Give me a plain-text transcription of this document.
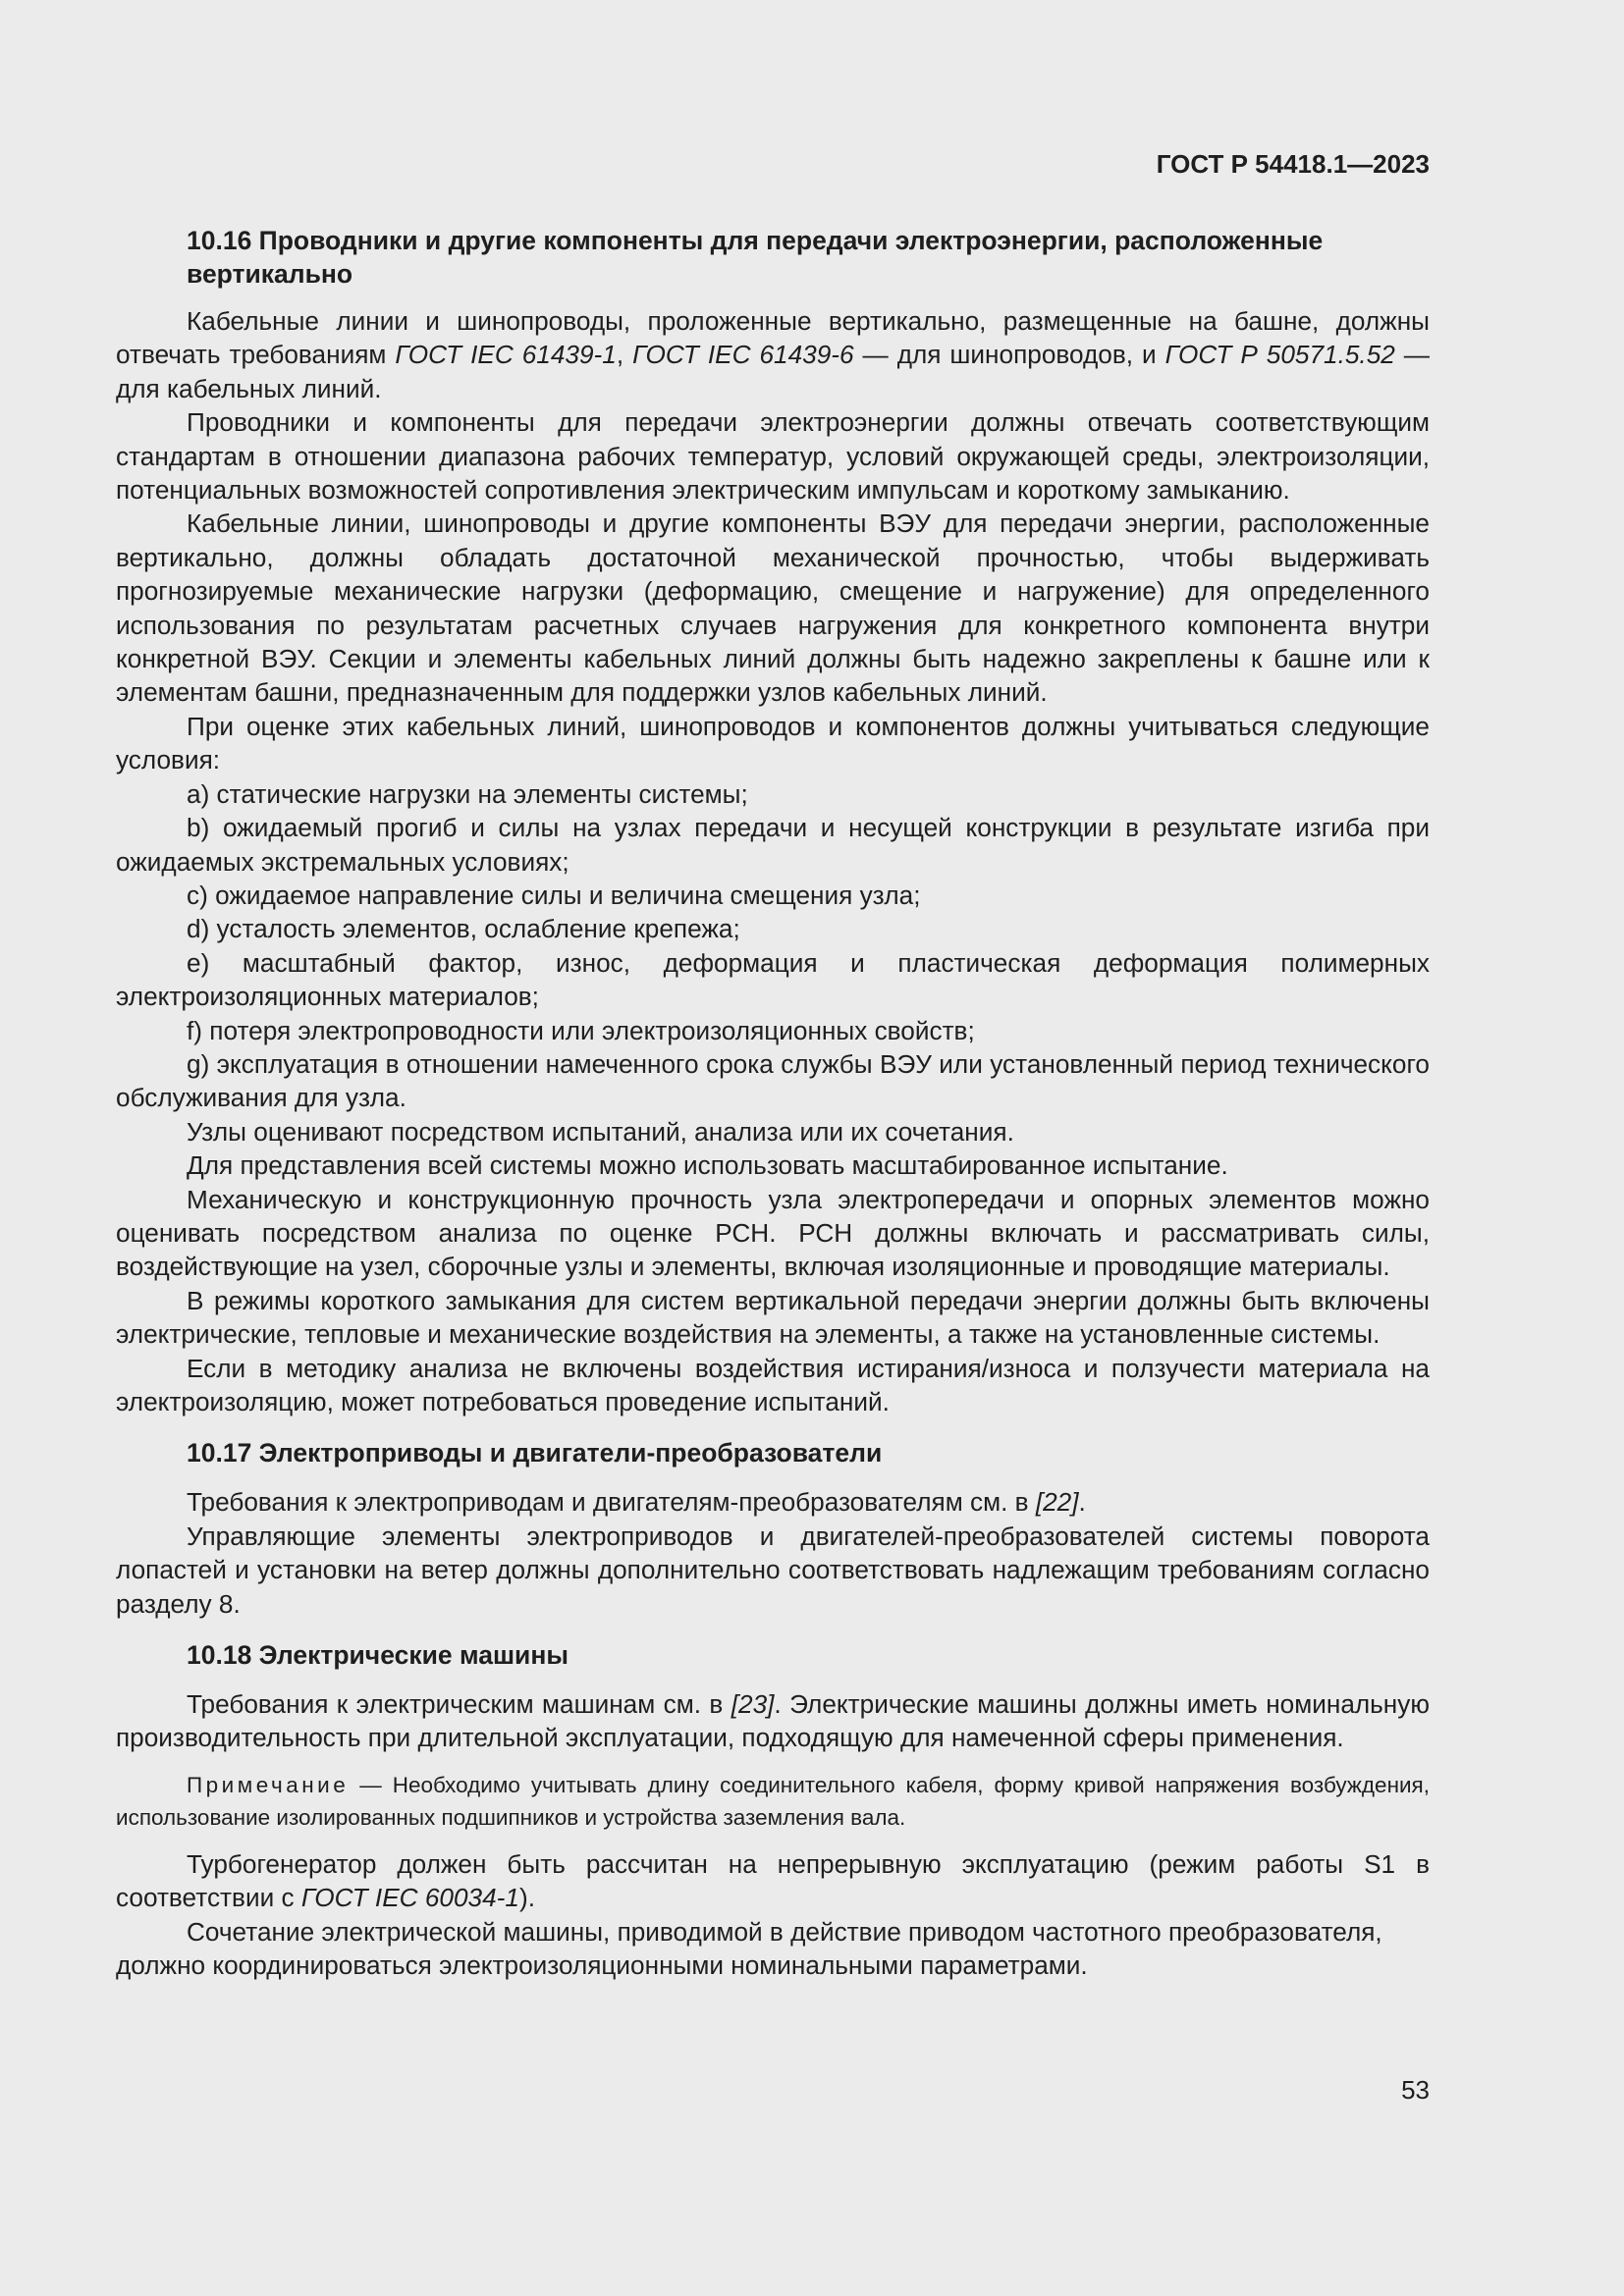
ГОСТ Р 54418.1—2023
10.16 Проводники и другие компоненты для передачи электроэнергии, расположенные вертикально

Кабельные линии и шинопроводы, проложенные вертикально, размещенные на башне, должны отвечать требованиям ГОСТ IEC 61439-1, ГОСТ IEC 61439-6 — для шинопроводов, и ГОСТ Р 50571.5.52 — для кабельных линий.

Проводники и компоненты для передачи электроэнергии должны отвечать соответствующим стандартам в отношении диапазона рабочих температур, условий окружающей среды, электроизоляции, потенциальных возможностей сопротивления электрическим импульсам и короткому замыканию.

Кабельные линии, шинопроводы и другие компоненты ВЭУ для передачи энергии, расположенные вертикально, должны обладать достаточной механической прочностью, чтобы выдерживать прогнозируемые механические нагрузки (деформацию, смещение и нагружение) для определенного использования по результатам расчетных случаев нагружения для конкретного компонента внутри конкретной ВЭУ. Секции и элементы кабельных линий должны быть надежно закреплены к башне или к элементам башни, предназначенным для поддержки узлов кабельных линий.

При оценке этих кабельных линий, шинопроводов и компонентов должны учитываться следующие условия:

a) статические нагрузки на элементы системы;

b) ожидаемый прогиб и силы на узлах передачи и несущей конструкции в результате изгиба при ожидаемых экстремальных условиях;

c) ожидаемое направление силы и величина смещения узла;

d) усталость элементов, ослабление крепежа;

e) масштабный фактор, износ, деформация и пластическая деформация полимерных электроизоляционных материалов;

f) потеря электропроводности или электроизоляционных свойств;

g) эксплуатация в отношении намеченного срока службы ВЭУ или установленный период технического обслуживания для узла.

Узлы оценивают посредством испытаний, анализа или их сочетания.

Для представления всей системы можно использовать масштабированное испытание.

Механическую и конструкционную прочность узла электропередачи и опорных элементов можно оценивать посредством анализа по оценке РСН. РСН должны включать и рассматривать силы, воздействующие на узел, сборочные узлы и элементы, включая изоляционные и проводящие материалы.

В режимы короткого замыкания для систем вертикальной передачи энергии должны быть включены электрические, тепловые и механические воздействия на элементы, а также на установленные системы.

Если в методику анализа не включены воздействия истирания/износа и ползучести материала на электроизоляцию, может потребоваться проведение испытаний.

10.17 Электроприводы и двигатели-преобразователи

Требования к электроприводам и двигателям-преобразователям см. в [22].

Управляющие элементы электроприводов и двигателей-преобразователей системы поворота лопастей и установки на ветер должны дополнительно соответствовать надлежащим требованиям согласно разделу 8.

10.18 Электрические машины

Требования к электрическим машинам см. в [23]. Электрические машины должны иметь номинальную производительность при длительной эксплуатации, подходящую для намеченной сферы применения.

Примечание — Необходимо учитывать длину соединительного кабеля, форму кривой напряжения возбуждения, использование изолированных подшипников и устройства заземления вала.

Турбогенератор должен быть рассчитан на непрерывную эксплуатацию (режим работы S1 в соответствии с ГОСТ IEC 60034-1).

Сочетание электрической машины, приводимой в действие приводом частотного преобразователя, должно координироваться электроизоляционными номинальными параметрами.

53
